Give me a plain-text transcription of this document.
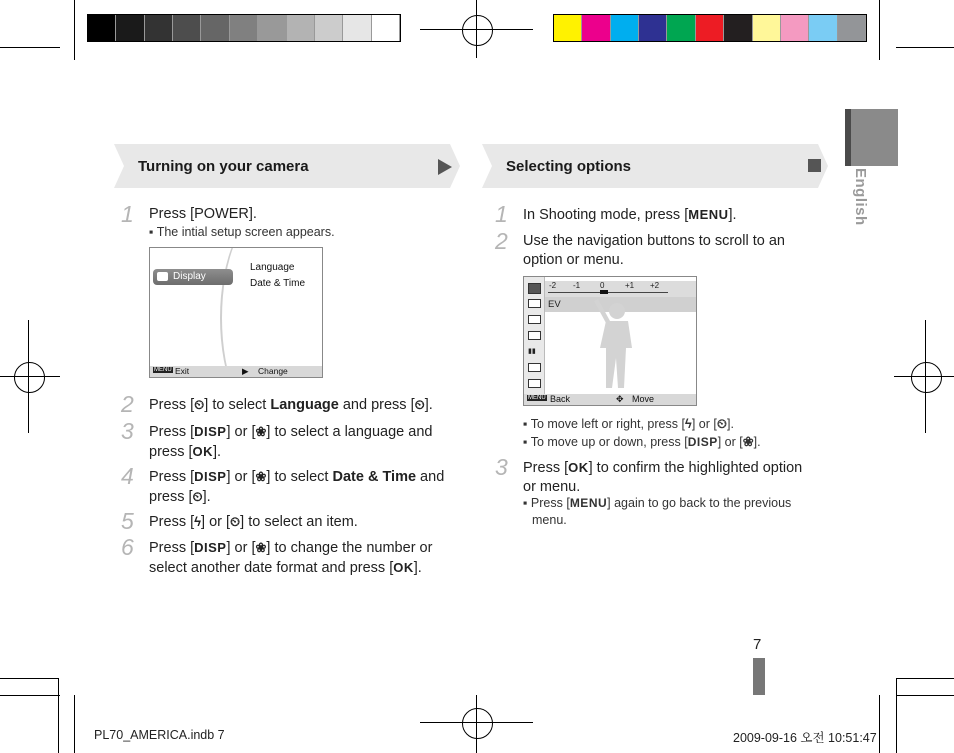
English
Turning on your camera
1 Press [POWER].
▪ The intial setup screen appears.
Display
Language
Date & Time
MENU Exit	▶ Change
2 Press [⏲] to select Language and press [⏲].
3 Press [DISP] or [❀] to select a language and
press [OK].
4 Press [DISP] or [❀] to select Date & Time and
press [⏲].
5 Press [ϟ] or [⏲] to select an item.
6 Press [DISP] or [❀] to change the number or
select another date format and press [OK].
Selecting options
1 In Shooting mode, press [MENU].
2 Use the navigation buttons to scroll to an
option or menu.
▮▮
-2 -1 0	+1 +2
EV
MENU Back	✥ Move
▪ To move left or right, press [ϟ] or [⏲].
▪ To move up or down, press [DISP] or [❀].
3 Press [OK] to confirm the highlighted option
or menu.
▪ Press [MENU] again to go back to the previous
menu.
7
PL70_AMERICA.indb 7	2009-09-16 오전 10:51:47
